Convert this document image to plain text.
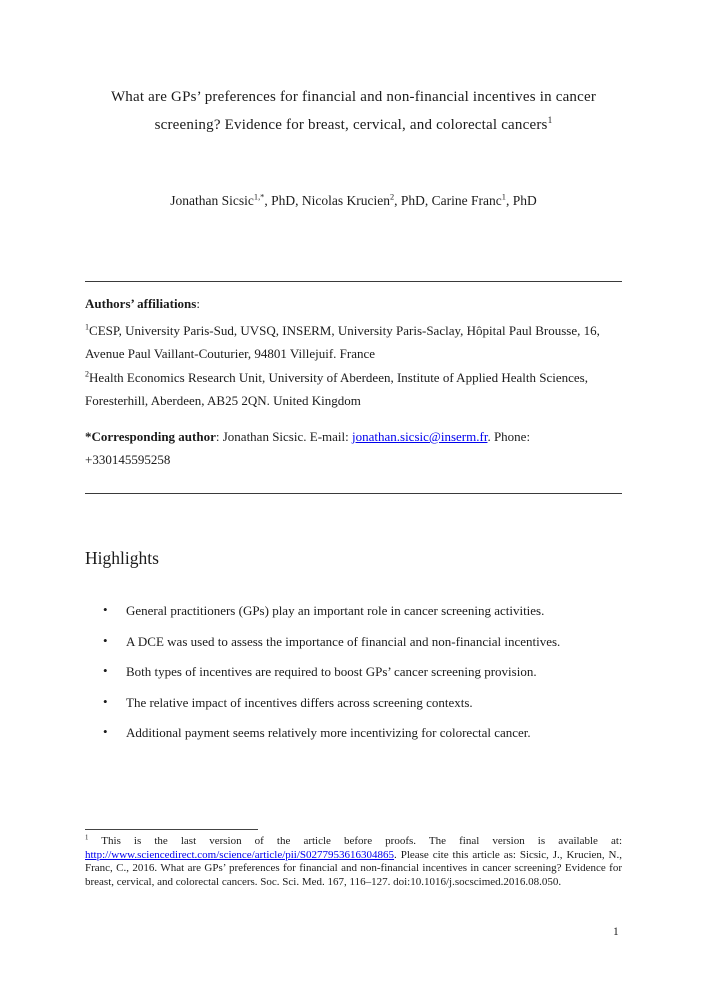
What are GPs’ preferences for financial and non-financial incentives in cancer
screening? Evidence for breast, cervical, and colorectal cancers$^1$
Jonathan Sicsic$^{1,*}$, PhD, Nicolas Krucien$^2$, PhD, Carine Franc$^1$, PhD
Authors’ affiliations:

$^1$CESP, University Paris-Sud, UVSQ, INSERM, University Paris-Saclay, Hôpital Paul Brousse, 16, Avenue Paul Vaillant-Couturier, 94801 Villejuif. France

$^2$Health Economics Research Unit, University of Aberdeen, Institute of Applied Health Sciences, Foresterhill, Aberdeen, AB25 2QN. United Kingdom

*Corresponding author: Jonathan Sicsic. E-mail: jonathan.sicsic@inserm.fr. Phone:
+330145595258

Highlights
• General practitioners (GPs) play an important role in cancer screening activities.
• A DCE was used to assess the importance of financial and non-financial incentives.
• Both types of incentives are required to boost GPs’ cancer screening provision.
• The relative impact of incentives differs across screening contexts.
• Additional payment seems relatively more incentivizing for colorectal cancer.

$^1$ This is the last version of the article before proofs. The final version is available at: http://www.sciencedirect.com/science/article/pii/S0277953616304865. Please cite this article as: Sicsic, J., Krucien, N., Franc, C., 2016. What are GPs’ preferences for financial and non-financial incentives in cancer screening? Evidence for breast, cervical, and colorectal cancers. Soc. Sci. Med. 167, 116–127. doi:10.1016/j.socscimed.2016.08.050.

1
